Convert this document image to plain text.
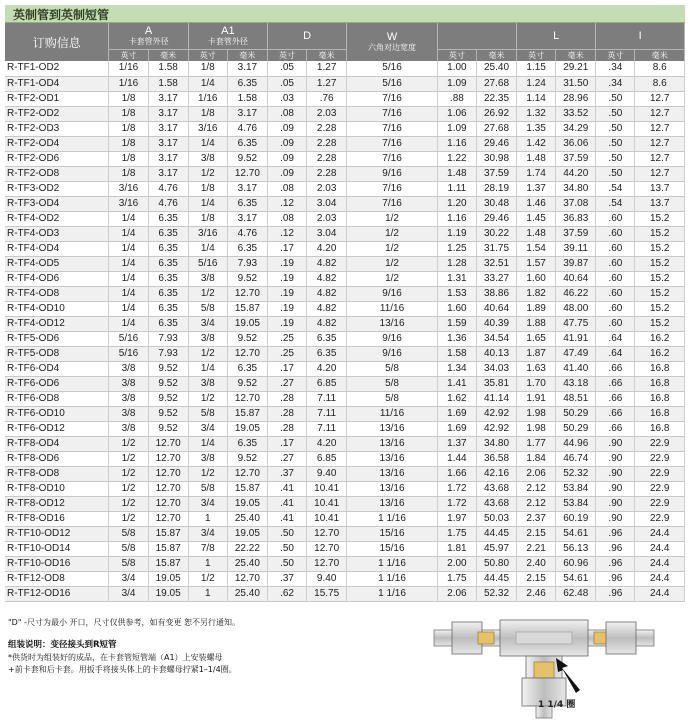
英制管到英制短管
订购信息	A
卡套管外径		A1
卡套管外径		D		W
六角对边宽度			L		I	

	英寸	毫米	英寸	毫米	英寸	毫米		英寸	毫米	英寸	毫米	英寸	毫米
R-TF1-OD2	1/16	1.58	1/8	3.17	.05	1.27	5/16	1.00	25.40	1.15	29.21	.34	8.6
R-TF1-OD4	1/16	1.58	1/4	6.35	.05	1.27	5/16	1.09	27.68	1.24	31.50	.34	8.6
R-TF2-OD1	1/8	3.17	1/16	1.58	.03	.76	7/16	.88	22.35	1.14	28.96	.50	12.7
R-TF2-OD2	1/8	3.17	1/8	3.17	.08	2.03	7/16	1.06	26.92	1.32	33.52	.50	12.7
R-TF2-OD3	1/8	3.17	3/16	4.76	.09	2.28	7/16	1.09	27.68	1.35	34.29	.50	12.7
R-TF2-OD4	1/8	3.17	1/4	6.35	.09	2.28	7/16	1.16	29.46	1.42	36.06	.50	12.7
R-TF2-OD6	1/8	3.17	3/8	9.52	.09	2.28	7/16	1.22	30.98	1.48	37.59	.50	12.7
R-TF2-OD8	1/8	3.17	1/2	12.70	.09	2.28	9/16	1.48	37.59	1.74	44.20	.50	12.7
R-TF3-OD2	3/16	4.76	1/8	3.17	.08	2.03	7/16	1.11	28.19	1.37	34.80	.54	13.7
R-TF3-OD4	3/16	4.76	1/4	6.35	.12	3.04	7/16	1.20	30.48	1.46	37.08	.54	13.7
R-TF4-OD2	1/4	6.35	1/8	3.17	.08	2.03	1/2	1.16	29.46	1.45	36.83	.60	15.2
R-TF4-OD3	1/4	6.35	3/16	4.76	.12	3.04	1/2	1.19	30.22	1.48	37.59	.60	15.2
R-TF4-OD4	1/4	6.35	1/4	6.35	.17	4.20	1/2	1.25	31.75	1.54	39.11	.60	15.2
R-TF4-OD5	1/4	6.35	5/16	7.93	.19	4.82	1/2	1.28	32.51	1.57	39.87	.60	15.2
R-TF4-OD6	1/4	6.35	3/8	9.52	.19	4.82	1/2	1.31	33.27	1.60	40.64	.60	15.2
R-TF4-OD8	1/4	6.35	1/2	12.70	.19	4.82	9/16	1.53	38.86	1.82	46.22	.60	15.2
R-TF4-OD10	1/4	6.35	5/8	15.87	.19	4.82	11/16	1.60	40.64	1.89	48.00	.60	15.2
R-TF4-OD12	1/4	6.35	3/4	19.05	.19	4.82	13/16	1.59	40.39	1.88	47.75	.60	15.2
R-TF5-OD6	5/16	7.93	3/8	9.52	.25	6.35	9/16	1.36	34.54	1.65	41.91	.64	16.2
R-TF5-OD8	5/16	7.93	1/2	12.70	.25	6.35	9/16	1.58	40.13	1.87	47.49	.64	16.2
R-TF6-OD4	3/8	9.52	1/4	6.35	.17	4.20	5/8	1.34	34.03	1.63	41.40	.66	16.8
R-TF6-OD6	3/8	9.52	3/8	9.52	.27	6.85	5/8	1.41	35.81	1.70	43.18	.66	16.8
R-TF6-OD8	3/8	9.52	1/2	12.70	.28	7.11	5/8	1.62	41.14	1.91	48.51	.66	16.8
R-TF6-OD10	3/8	9.52	5/8	15.87	.28	7.11	11/16	1.69	42.92	1.98	50.29	.66	16.8
R-TF6-OD12	3/8	9.52	3/4	19.05	.28	7.11	13/16	1.69	42.92	1.98	50.29	.66	16.8
R-TF8-OD4	1/2	12.70	1/4	6.35	.17	4.20	13/16	1.37	34.80	1.77	44.96	.90	22.9
R-TF8-OD6	1/2	12.70	3/8	9.52	.27	6.85	13/16	1.44	36.58	1.84	46.74	.90	22.9
R-TF8-OD8	1/2	12.70	1/2	12.70	.37	9.40	13/16	1.66	42.16	2.06	52.32	.90	22.9
R-TF8-OD10	1/2	12.70	5/8	15.87	.41	10.41	13/16	1.72	43.68	2.12	53.84	.90	22.9
R-TF8-OD12	1/2	12.70	3/4	19.05	.41	10.41	13/16	1.72	43.68	2.12	53.84	.90	22.9
R-TF8-OD16	1/2	12.70	1	25.40	.41	10.41	1 1/16	1.97	50.03	2.37	60.19	.90	22.9
R-TF10-OD12	5/8	15.87	3/4	19.05	.50	12.70	15/16	1.75	44.45	2.15	54.61	.96	24.4
R-TF10-OD14	5/8	15.87	7/8	22.22	.50	12.70	15/16	1.81	45.97	2.21	56.13	.96	24.4
R-TF10-OD16	5/8	15.87	1	25.40	.50	12.70	1 1/16	2.00	50.80	2.40	60.96	.96	24.4
R-TF12-OD8	3/4	19.05	1/2	12.70	.37	9.40	1 1/16	1.75	44.45	2.15	54.61	.96	24.4
R-TF12-OD16	3/4	19.05	1	25.40	.62	15.75	1 1/16	2.06	52.32	2.46	62.48	.96	24.4
"D" -尺寸为最小 开口，尺寸仅供参考，如有变更 恕不另行通知。
组装说明：变径接头到R短管
*供货时为组装好的成品，在卡套管短管端（A1）上安装螺母
+前卡套和后卡套。用扳手将接头体上的卡套螺母拧紧1–1/4圈。
1 1/4 圈
